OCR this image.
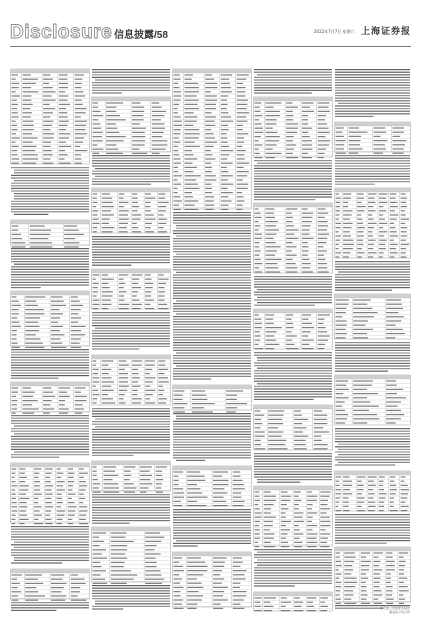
Disclosure 信息披露/58	2022年7月7日 星期六 上海证券报
关于此公告的更多信息
请关注公司公告
